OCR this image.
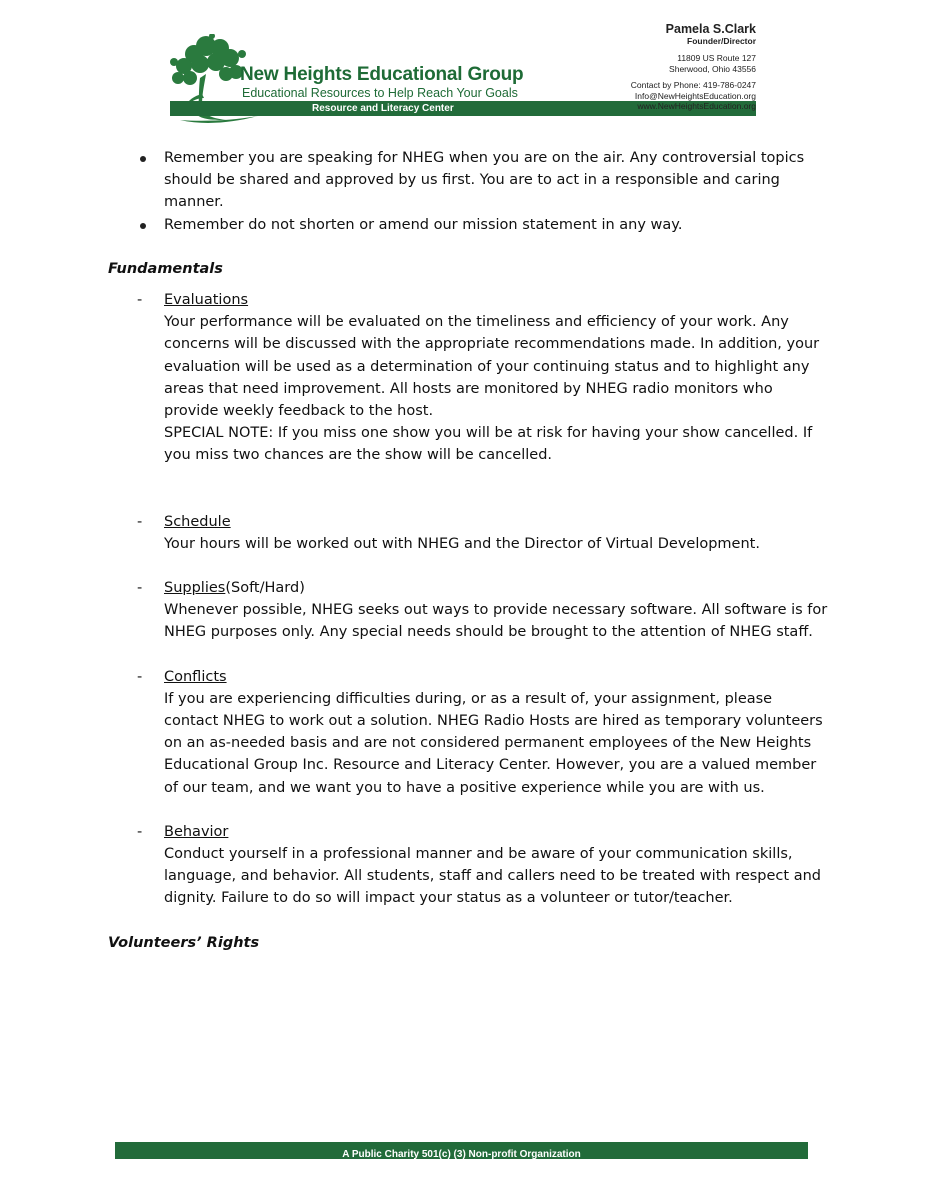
New Heights Educational Group
Educational Resources to Help Reach Your Goals
Resource and Literacy Center
Pamela S.Clark
Founder/Director
11809 US Route 127
Sherwood, Ohio 43556
Contact by Phone: 419-786-0247
Info@NewHeightsEducation.org
www.NewHeightsEducation.org
Remember you are speaking for NHEG when you are on the air. Any controversial topics should be shared and approved by us first. You are to act in a responsible and caring manner.
Remember do not shorten or amend our mission statement in any way.
Fundamentals
- Evaluations
Your performance will be evaluated on the timeliness and efficiency of your work. Any concerns will be discussed with the appropriate recommendations made. In addition, your evaluation will be used as a determination of your continuing status and to highlight any areas that need improvement. All hosts are monitored by NHEG radio monitors who provide weekly feedback to the host.
SPECIAL NOTE: If you miss one show you will be at risk for having your show cancelled. If you miss two chances are the show will be cancelled.
- Schedule
Your hours will be worked out with NHEG and the Director of Virtual Development.
- Supplies(Soft/Hard)
Whenever possible, NHEG seeks out ways to provide necessary software. All software is for NHEG purposes only. Any special needs should be brought to the attention of NHEG staff.
- Conflicts
If you are experiencing difficulties during, or as a result of, your assignment, please contact NHEG to work out a solution. NHEG Radio Hosts are hired as temporary volunteers on an as-needed basis and are not considered permanent employees of the New Heights Educational Group Inc. Resource and Literacy Center. However, you are a valued member of our team, and we want you to have a positive experience while you are with us.
- Behavior
Conduct yourself in a professional manner and be aware of your communication skills, language, and behavior. All students, staff and callers need to be treated with respect and dignity. Failure to do so will impact your status as a volunteer or tutor/teacher.
Volunteers’ Rights
A Public Charity 501(c) (3) Non-profit Organization
